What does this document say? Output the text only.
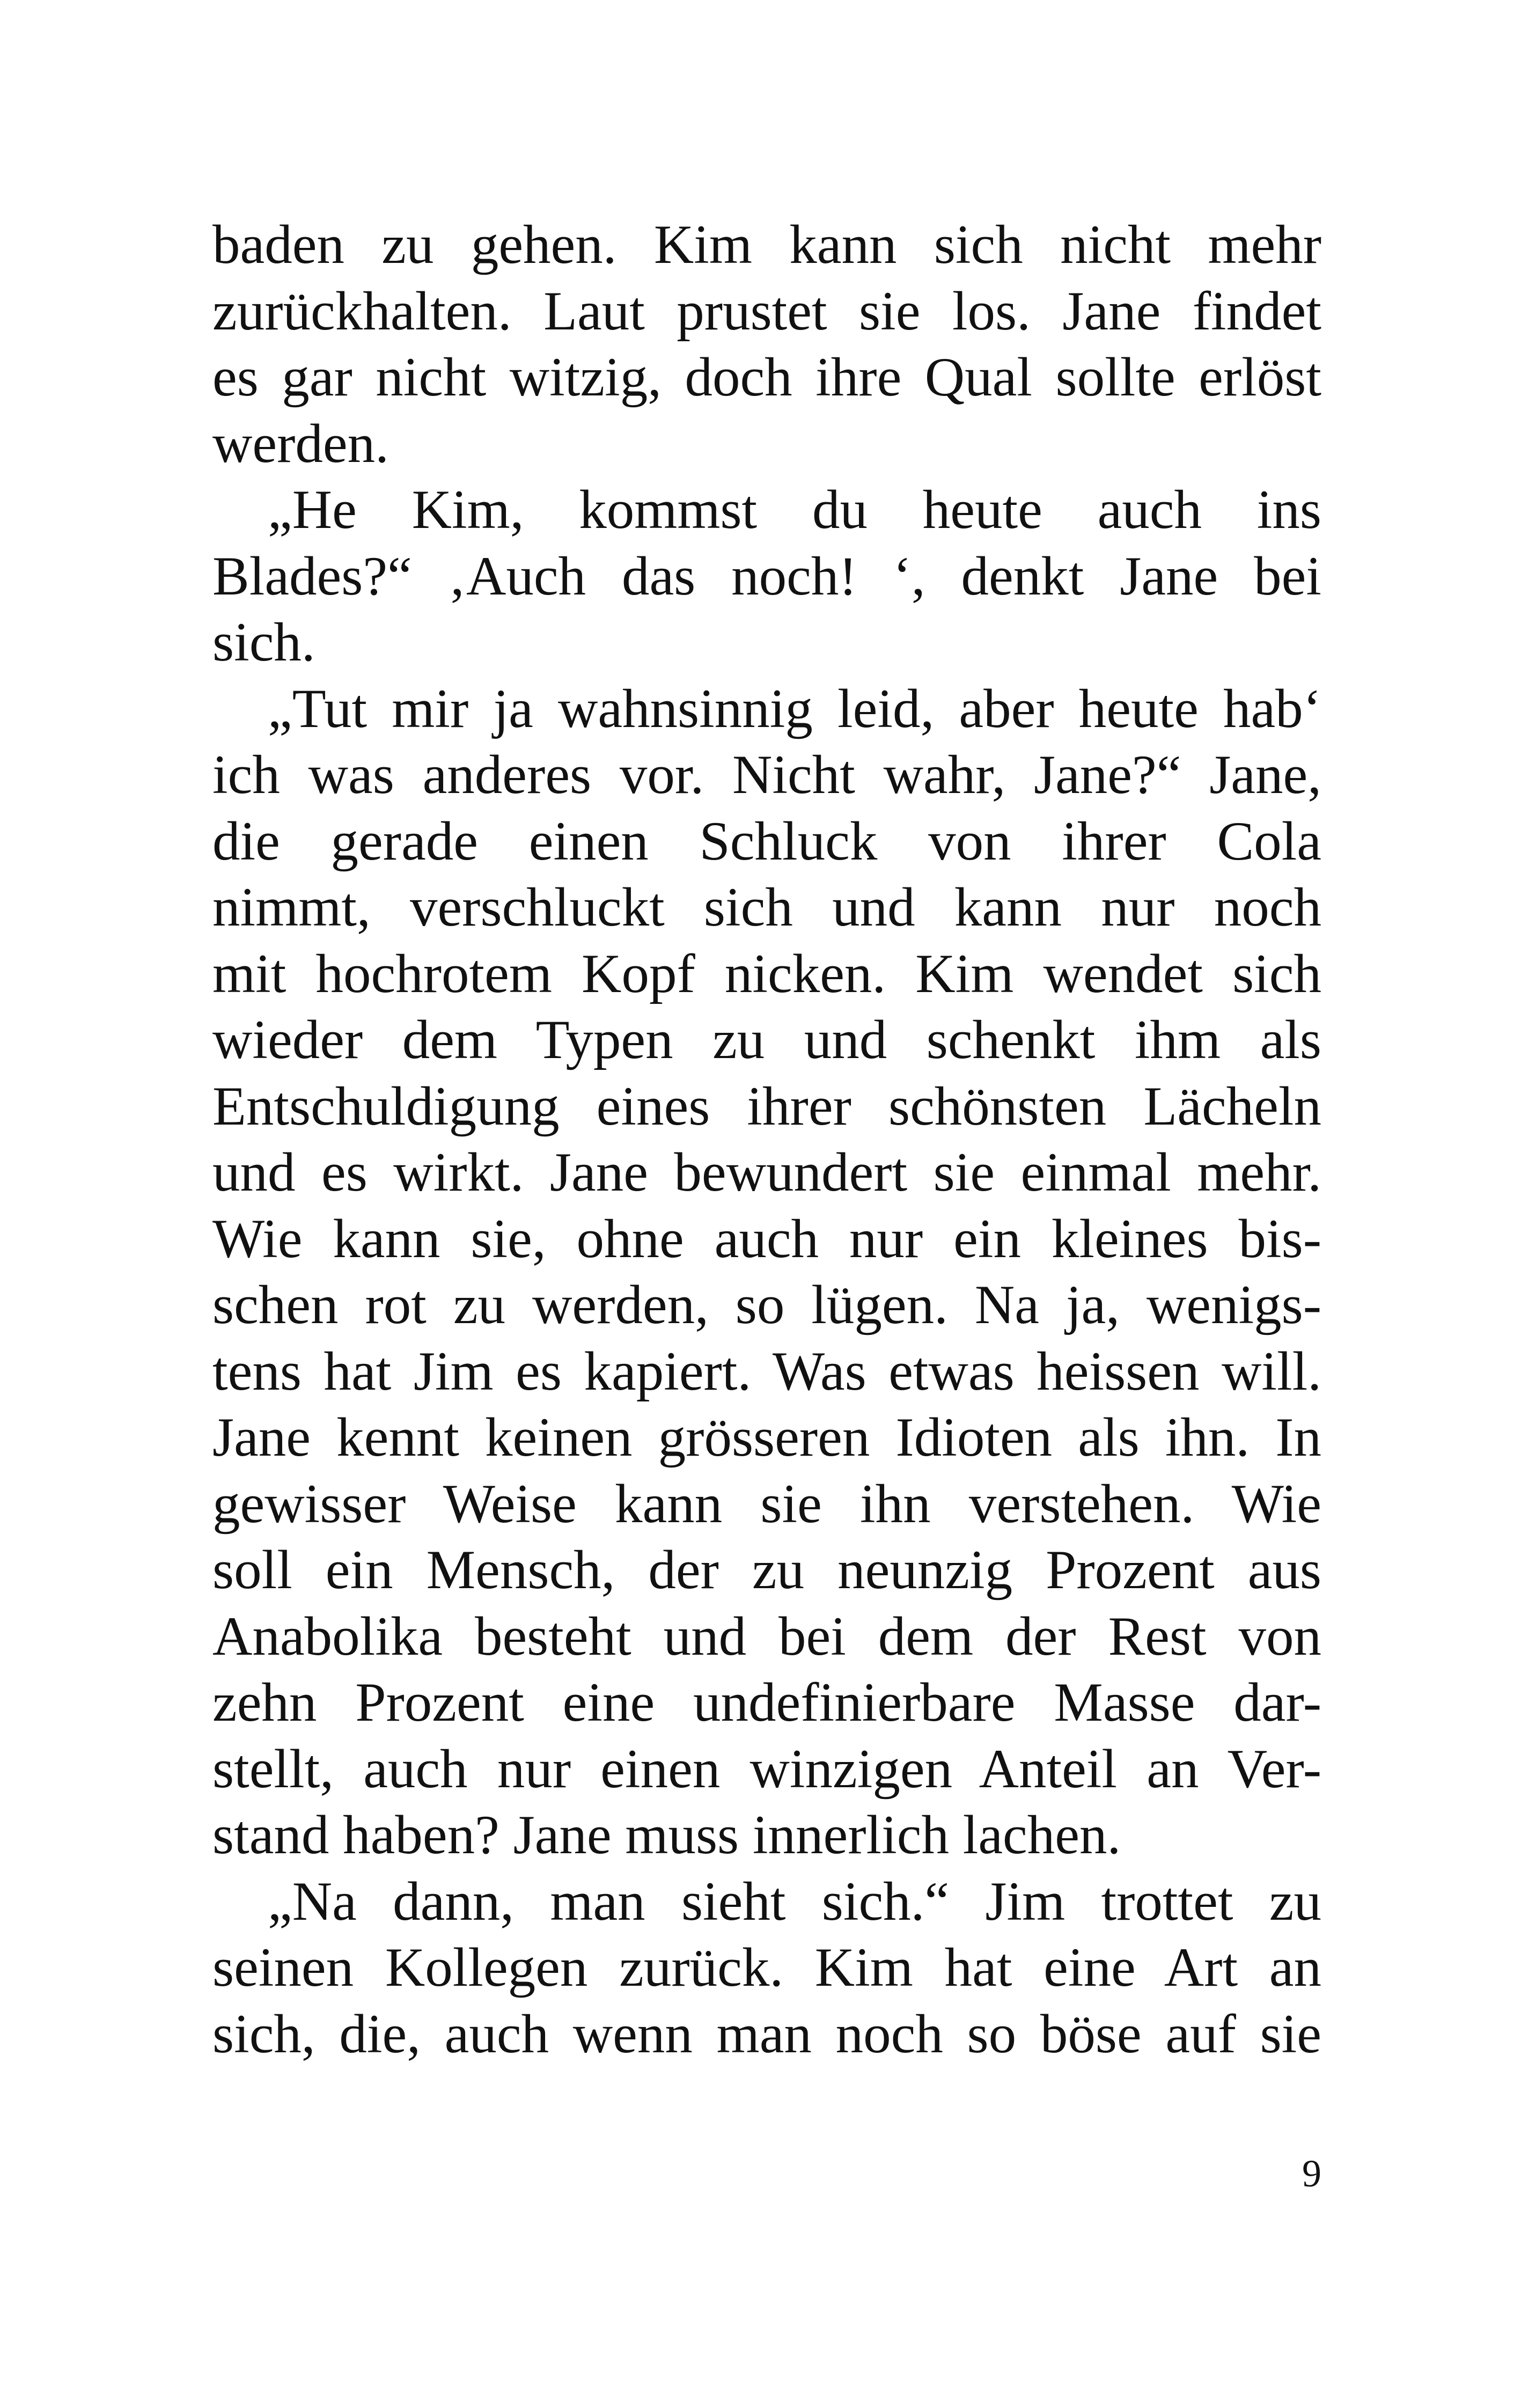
baden zu gehen. Kim kann sich nicht mehr
zurückhalten. Laut prustet sie los. Jane findet
es gar nicht witzig, doch ihre Qual sollte erlöst
werden.
„He Kim, kommst du heute auch ins
Blades?“ ‚Auch das noch! ‘, denkt Jane bei
sich.
„Tut mir ja wahnsinnig leid, aber heute hab‘
ich was anderes vor. Nicht wahr, Jane?“ Jane,
die gerade einen Schluck von ihrer Cola
nimmt, verschluckt sich und kann nur noch
mit hochrotem Kopf nicken. Kim wendet sich
wieder dem Typen zu und schenkt ihm als
Entschuldigung eines ihrer schönsten Lächeln
und es wirkt. Jane bewundert sie einmal mehr.
Wie kann sie, ohne auch nur ein kleines bis-
schen rot zu werden, so lügen. Na ja, wenigs-
tens hat Jim es kapiert. Was etwas heissen will.
Jane kennt keinen grösseren Idioten als ihn. In
gewisser Weise kann sie ihn verstehen. Wie
soll ein Mensch, der zu neunzig Prozent aus
Anabolika besteht und bei dem der Rest von
zehn Prozent eine undefinierbare Masse dar-
stellt, auch nur einen winzigen Anteil an Ver-
stand haben? Jane muss innerlich lachen.
„Na dann, man sieht sich.“ Jim trottet zu
seinen Kollegen zurück. Kim hat eine Art an
sich, die, auch wenn man noch so böse auf sie
9
